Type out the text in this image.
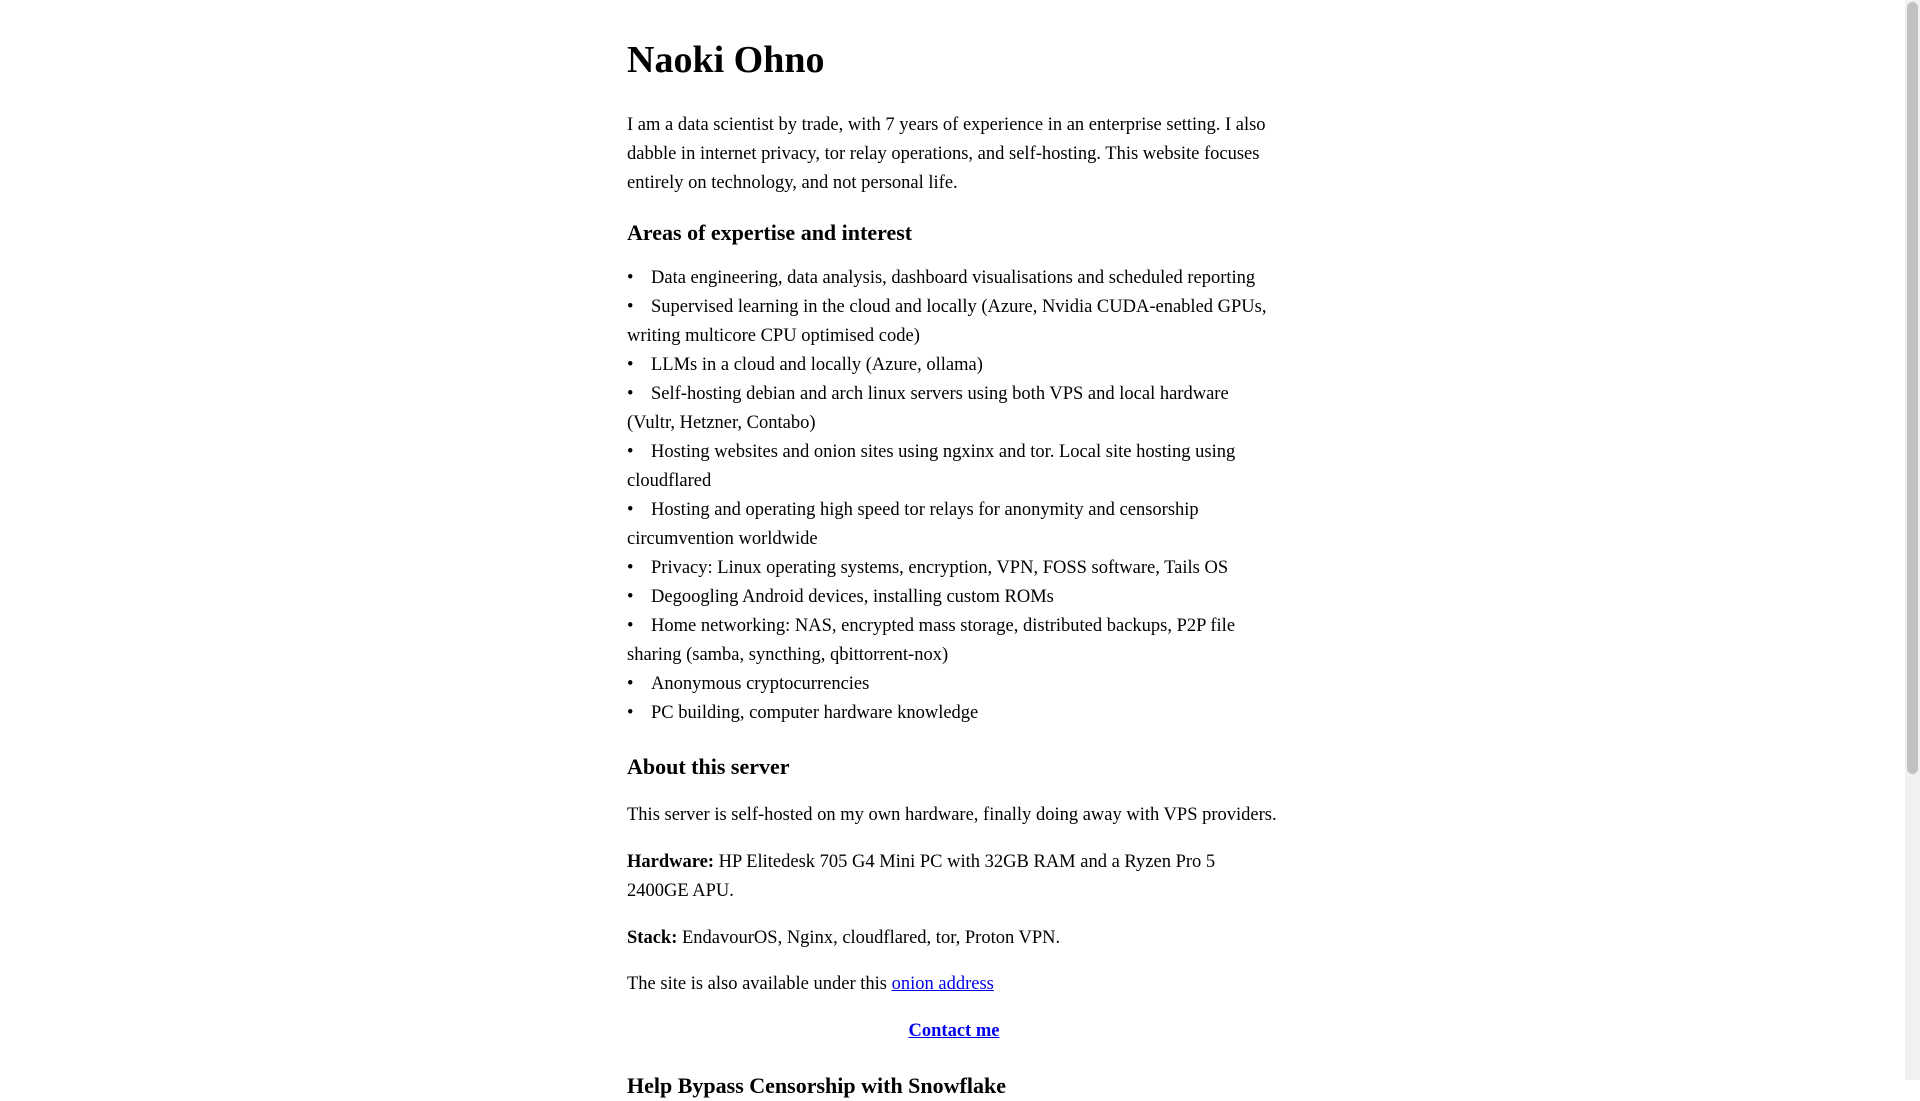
Naoki Ohno

I am a data scientist by trade, with 7 years of experience in an enterprise setting. I also dabble in internet privacy, tor relay operations, and self-hosting. This website focuses entirely on technology, and not personal life.

Areas of expertise and interest
• Data engineering, data analysis, dashboard visualisations and scheduled reporting
• Supervised learning in the cloud and locally (Azure, Nvidia CUDA-enabled GPUs, writing multicore CPU optimised code)
• LLMs in a cloud and locally (Azure, ollama)
• Self-hosting debian and arch linux servers using both VPS and local hardware (Vultr, Hetzner, Contabo)
• Hosting websites and onion sites using ngxinx and tor. Local site hosting using cloudflared
• Hosting and operating high speed tor relays for anonymity and censorship circumvention worldwide
• Privacy: Linux operating systems, encryption, VPN, FOSS software, Tails OS
• Degoogling Android devices, installing custom ROMs
• Home networking: NAS, encrypted mass storage, distributed backups, P2P file sharing (samba, syncthing, qbittorrent-nox)
• Anonymous cryptocurrencies
• PC building, computer hardware knowledge
About this server

This server is self-hosted on my own hardware, finally doing away with VPS providers.

Hardware: HP Elitedesk 705 G4 Mini PC with 32GB RAM and a Ryzen Pro 5 2400GE APU.

Stack: EndavourOS, Nginx, cloudflared, tor, Proton VPN.

The site is also available under this onion address

Contact me

Help Bypass Censorship with Snowflake
